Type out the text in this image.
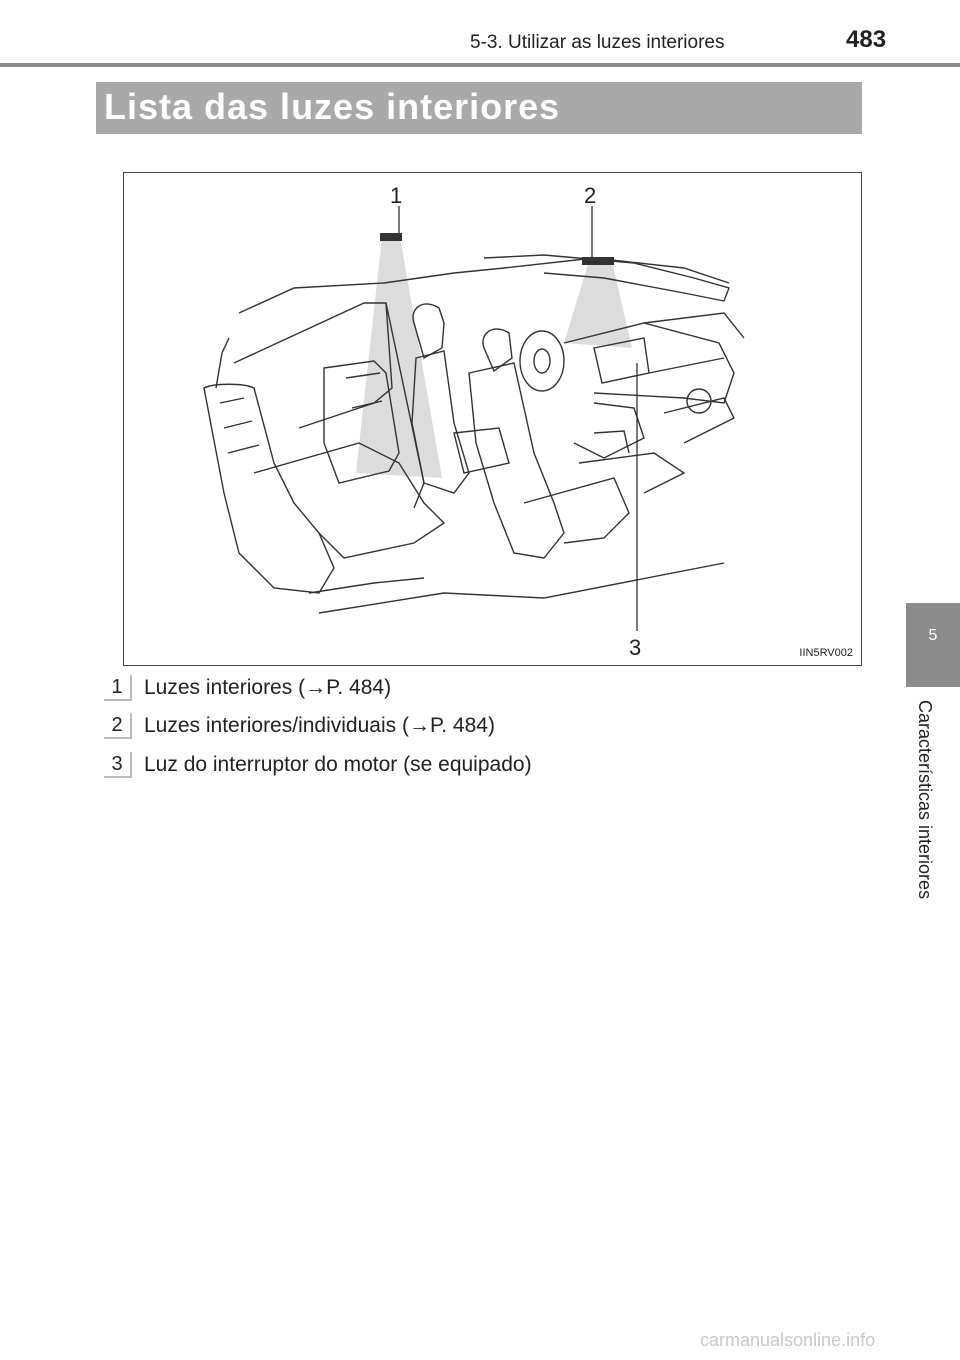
5-3. Utilizar as luzes interiores	483
Lista das luzes interiores
1	2
3	IIN5RV002
1	Luzes interiores (→P. 484)
2	Luzes interiores/individuais (→P. 484)
3	Luz do interruptor do motor (se equipado)
5
Características interiores
carmanualsonline.info
